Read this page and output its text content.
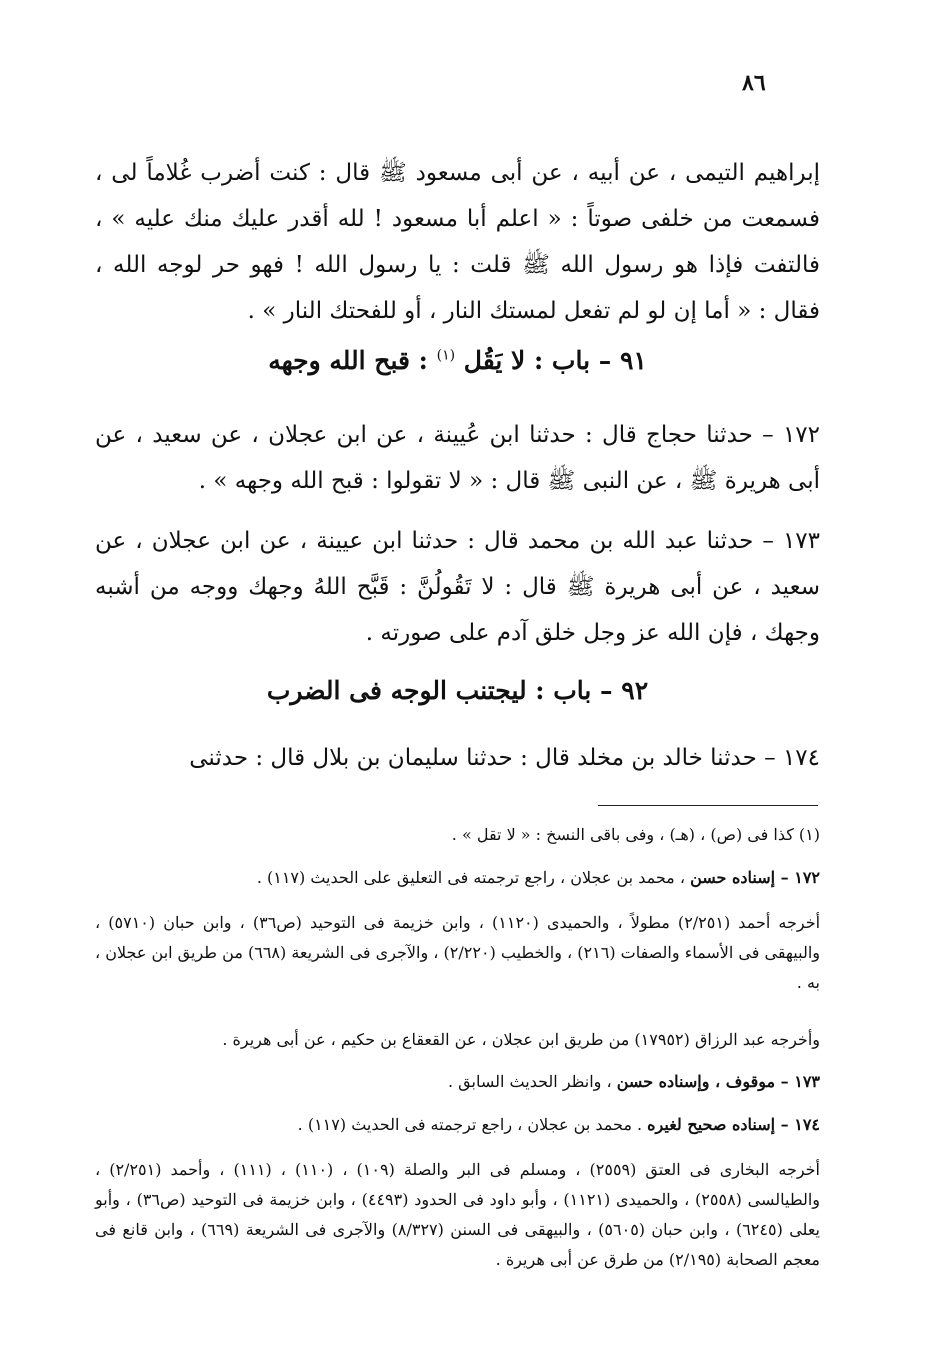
٨٦

إبراهيم التيمى ، عن أبيه ، عن أبى مسعود ﷺ قال : كنت أضرب غُلاماً لى ، فسمعت من خلفى صوتاً : « اعلم أبا مسعود ! لله أقدر عليك منك عليه » ، فالتفت فإذا هو رسول الله ﷺ قلت : يا رسول الله ! فهو حر لوجه الله ، فقال : « أما إن لو لم تفعل لمستك النار ، أو للفحتك النار » .

٩١ – باب : لا يَقُل $^{(١)}$ : قبح الله وجهه

١٧٢ – حدثنا حجاج قال : حدثنا ابن عُيينة ، عن ابن عجلان ، عن سعيد ، عن أبى هريرة ﷺ ، عن النبى ﷺ قال : « لا تقولوا : قبح الله وجهه » .

١٧٣ – حدثنا عبد الله بن محمد قال : حدثنا ابن عيينة ، عن ابن عجلان ، عن سعيد ، عن أبى هريرة ﷺ قال : لا تَقُولُنَّ : قَبَّح اللهُ وجهك ووجه من أشبه وجهك ، فإن الله عز وجل خلق آدم على صورته .

٩٢ – باب : ليجتنب الوجه فى الضرب

١٧٤ – حدثنا خالد بن مخلد قال : حدثنا سليمان بن بلال قال : حدثنى

(١) كذا فى (ص) ، (هـ) ، وفى باقى النسخ : « لا تقل » .

١٧٢ – إسناده حسن ، محمد بن عجلان ، راجع ترجمته فى التعليق على الحديث (١١٧) .

أخرجه أحمد (٢/٢٥١) مطولاً ، والحميدى (١١٢٠) ، وابن خزيمة فى التوحيد (ص٣٦) ، وابن حبان (٥٧١٠) ، والبيهقى فى الأسماء والصفات (٢١٦) ، والخطيب (٢/٢٢٠) ، والآجرى فى الشريعة (٦٦٨) من طريق ابن عجلان ، به .

وأخرجه عبد الرزاق (١٧٩٥٢) من طريق ابن عجلان ، عن القعقاع بن حكيم ، عن أبى هريرة .

١٧٣ – موقوف ، وإسناده حسن ، وانظر الحديث السابق .

١٧٤ – إسناده صحيح لغيره . محمد بن عجلان ، راجع ترجمته فى الحديث (١١٧) .

أخرجه البخارى فى العتق (٢٥٥٩) ، ومسلم فى البر والصلة (١٠٩) ، (١١٠) ، (١١١) ، وأحمد (٢/٢٥١) ، والطيالسى (٢٥٥٨) ، والحميدى (١١٢١) ، وأبو داود فى الحدود (٤٤٩٣) ، وابن خزيمة فى التوحيد (ص٣٦) ، وأبو يعلى (٦٢٤٥) ، وابن حبان (٥٦٠٥) ، والبيهقى فى السنن (٨/٣٢٧) والآجرى فى الشريعة (٦٦٩) ، وابن قانع فى معجم الصحابة (٢/١٩٥) من طرق عن أبى هريرة .
